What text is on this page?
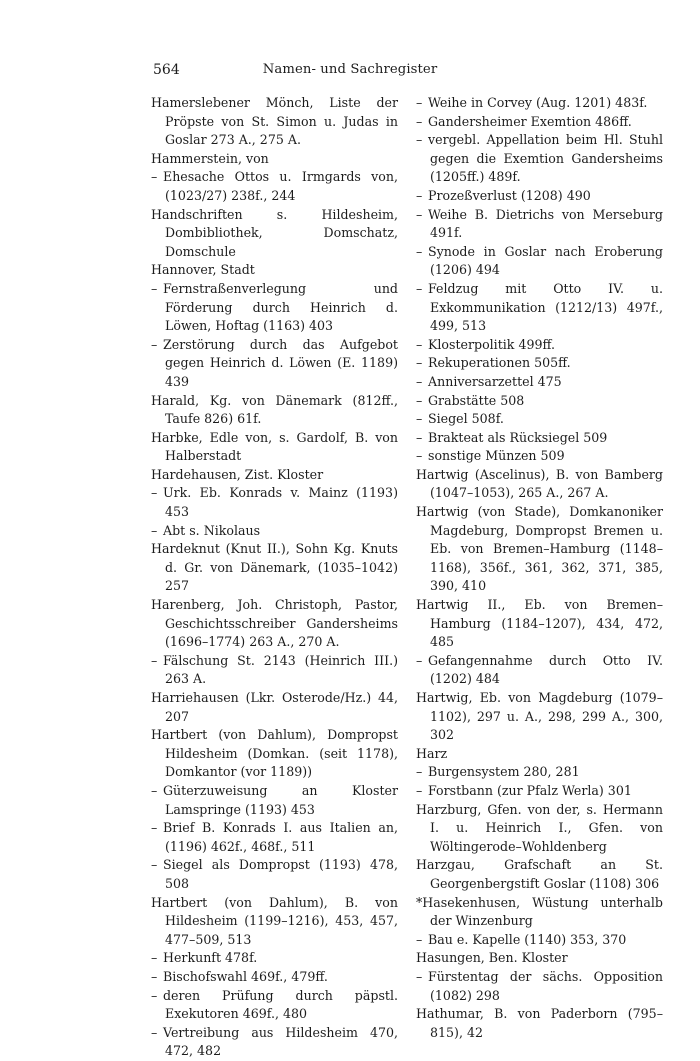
564	Namen- und Sachregister
Hamerslebener Mönch, Liste der Pröpste von St. Simon u. Judas in Goslar 273 A., 275 A.
Hammerstein, von
– Ehesache Ottos u. Irmgards von, (1023/27) 238f., 244
Handschriften s. Hildesheim, Dombibliothek, Domschatz, Domschule
Hannover, Stadt
– Fernstraßenverlegung und Förderung durch Heinrich d. Löwen, Hoftag (1163) 403
– Zerstörung durch das Aufgebot gegen Heinrich d. Löwen (E. 1189) 439
Harald, Kg. von Dänemark (812ff., Taufe 826) 61f.
Harbke, Edle von, s. Gardolf, B. von Halberstadt
Hardehausen, Zist. Kloster
– Urk. Eb. Konrads v. Mainz (1193) 453
– Abt s. Nikolaus
Hardeknut (Knut II.), Sohn Kg. Knuts d. Gr. von Dänemark, (1035–1042) 257
Harenberg, Joh. Christoph, Pastor, Geschichtsschreiber Gandersheims (1696–1774) 263 A., 270 A.
– Fälschung St. 2143 (Heinrich III.) 263 A.
Harriehausen (Lkr. Osterode/Hz.) 44, 207
Hartbert (von Dahlum), Dompropst Hildesheim (Domkan. (seit 1178), Domkantor (vor 1189))
– Güterzuweisung an Kloster Lamspringe (1193) 453
– Brief B. Konrads I. aus Italien an, (1196) 462f., 468f., 511
– Siegel als Dompropst (1193) 478, 508
Hartbert (von Dahlum), B. von Hildesheim (1199–1216), 453, 457, 477–509, 513
– Herkunft 478f.
– Bischofswahl 469f., 479ff.
– deren Prüfung durch päpstl. Exekutoren 469f., 480
– Vertreibung aus Hildesheim 470, 472, 482
– Weihe in Corvey (Aug. 1201) 483f.
– Gandersheimer Exemtion 486ff.
– vergebl. Appellation beim Hl. Stuhl gegen die Exemtion Gandersheims (1205ff.) 489f.
– Prozeßverlust (1208) 490
– Weihe B. Dietrichs von Merseburg 491f.
– Synode in Goslar nach Eroberung (1206) 494
– Feldzug mit Otto IV. u. Exkommunikation (1212/13) 497f., 499, 513
– Klosterpolitik 499ff.
– Rekuperationen 505ff.
– Anniversarzettel 475
– Grabstätte 508
– Siegel 508f.
– Brakteat als Rücksiegel 509
– sonstige Münzen 509
Hartwig (Ascelinus), B. von Bamberg (1047–1053), 265 A., 267 A.
Hartwig (von Stade), Domkanoniker Magdeburg, Dompropst Bremen u. Eb. von Bremen–Hamburg (1148–1168), 356f., 361, 362, 371, 385, 390, 410
Hartwig II., Eb. von Bremen–Hamburg (1184–1207), 434, 472, 485
– Gefangennahme durch Otto IV. (1202) 484
Hartwig, Eb. von Magdeburg (1079–1102), 297 u. A., 298, 299 A., 300, 302
Harz
– Burgensystem 280, 281
– Forstbann (zur Pfalz Werla) 301
Harzburg, Gfen. von der, s. Hermann I. u. Heinrich I., Gfen. von Wöltingerode–Wohldenberg
Harzgau, Grafschaft an St. Georgenbergstift Goslar (1108) 306
*Hasekenhusen, Wüstung unterhalb der Winzenburg
– Bau e. Kapelle (1140) 353, 370
Hasungen, Ben. Kloster
– Fürstentag der sächs. Opposition (1082) 298
Hathumar, B. von Paderborn (795–815), 42
